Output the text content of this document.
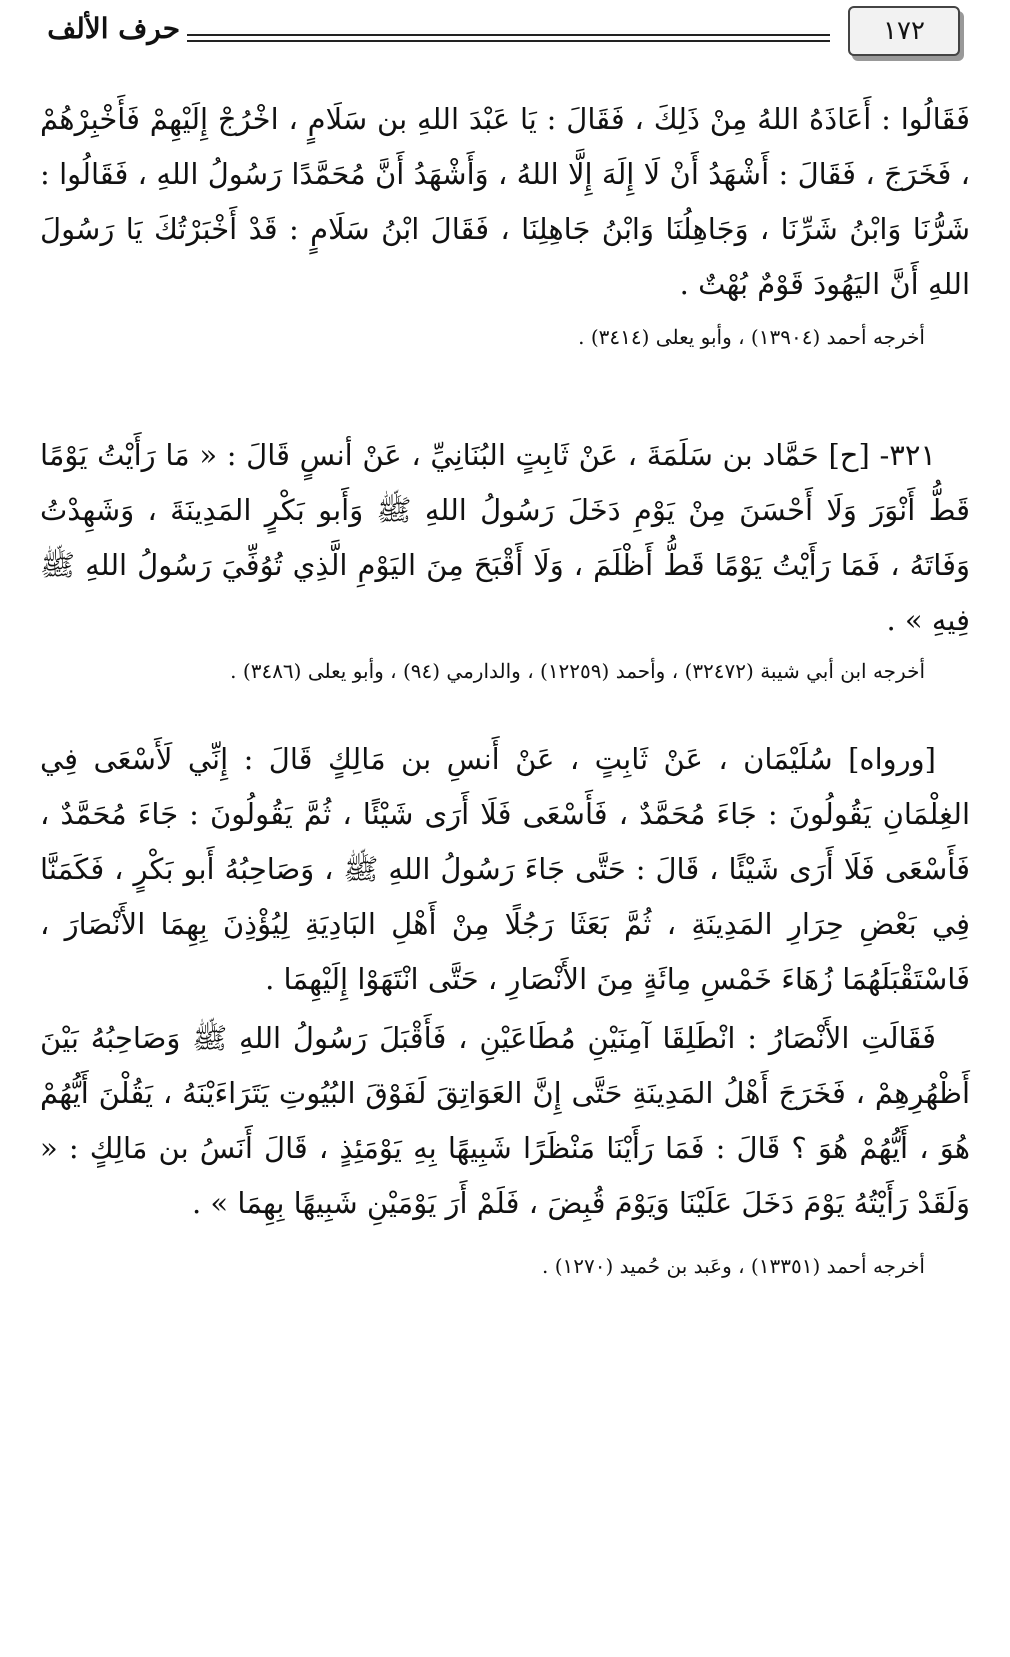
١٧٢
حرف الألف
فَقَالُوا : أَعَاذَهُ اللهُ مِنْ ذَلِكَ ، فَقَالَ : يَا عَبْدَ اللهِ بن سَلَامٍ ، اخْرُجْ إِلَيْهِمْ فَأَخْبِرْهُمْ ، فَخَرَجَ ، فَقَالَ : أَشْهَدُ أَنْ لَا إِلَهَ إِلَّا اللهُ ، وَأَشْهَدُ أَنَّ مُحَمَّدًا رَسُولُ اللهِ ، فَقَالُوا : شَرُّنَا وَابْنُ شَرِّنَا ، وَجَاهِلُنَا وَابْنُ جَاهِلِنَا ، فَقَالَ ابْنُ سَلَامٍ : قَدْ أَخْبَرْتُكَ يَا رَسُولَ اللهِ أَنَّ اليَهُودَ قَوْمٌ بُهْتٌ .
أخرجه أحمد (١٣٩٠٤) ، وأبو يعلى (٣٤١٤) .
٣٢١- [ح] حَمَّاد بن سَلَمَةَ ، عَنْ ثَابِتٍ البُنَانِيِّ ، عَنْ أنسٍ قَالَ : « مَا رَأَيْتُ يَوْمًا قَطُّ أَنْوَرَ وَلَا أَحْسَنَ مِنْ يَوْمِ دَخَلَ رَسُولُ اللهِ ﷺ وَأَبو بَكْرٍ المَدِينَةَ ، وَشَهِدْتُ وَفَاتَهُ ، فَمَا رَأَيْتُ يَوْمًا قَطُّ أَظْلَمَ ، وَلَا أَقْبَحَ مِنَ اليَوْمِ الَّذِي تُوُفِّيَ رَسُولُ اللهِ ﷺ فِيهِ » .
أخرجه ابن أبي شيبة (٣٢٤٧٢) ، وأحمد (١٢٢٥٩) ، والدارمي (٩٤) ، وأبو يعلى (٣٤٨٦) .
[ورواه] سُلَيْمَان ، عَنْ ثَابِتٍ ، عَنْ أَنسِ بن مَالِكٍ قَالَ : إِنِّي لَأَسْعَى فِي الغِلْمَانِ يَقُولُونَ : جَاءَ مُحَمَّدٌ ، فَأَسْعَى فَلَا أَرَى شَيْئًا ، ثُمَّ يَقُولُونَ : جَاءَ مُحَمَّدٌ ، فَأَسْعَى فَلَا أَرَى شَيْئًا ، قَالَ : حَتَّى جَاءَ رَسُولُ اللهِ ﷺ ، وَصَاحِبُهُ أَبو بَكْرٍ ، فَكَمَنَّا فِي بَعْضِ حِرَارِ المَدِينَةِ ، ثُمَّ بَعَثَا رَجُلًا مِنْ أَهْلِ البَادِيَةِ لِيُؤْذِنَ بِهِمَا الأَنْصَارَ ، فَاسْتَقْبَلَهُمَا زُهَاءَ خَمْسِ مِائَةٍ مِنَ الأَنْصَارِ ، حَتَّى انْتَهَوْا إِلَيْهِمَا .
فَقَالَتِ الأَنْصَارُ : انْطَلِقَا آمِنَيْنِ مُطَاعَيْنِ ، فَأَقْبَلَ رَسُولُ اللهِ ﷺ وَصَاحِبُهُ بَيْنَ أَظْهُرِهِمْ ، فَخَرَجَ أَهْلُ المَدِينَةِ حَتَّى إِنَّ العَوَاتِقَ لَفَوْقَ البُيُوتِ يَتَرَاءَيْنَهُ ، يَقُلْنَ أَيُّهُمْ هُوَ ، أَيُّهُمْ هُوَ ؟ قَالَ : فَمَا رَأَيْنَا مَنْظَرًا شَبِيهًا بِهِ يَوْمَئِذٍ ، قَالَ أَنَسُ بن مَالِكٍ : « وَلَقَدْ رَأَيْتُهُ يَوْمَ دَخَلَ عَلَيْنَا وَيَوْمَ قُبِضَ ، فَلَمْ أَرَ يَوْمَيْنِ شَبِيهًا بِهِمَا » .
أخرجه أحمد (١٣٣٥١) ، وعَبد بن حُميد (١٢٧٠) .
